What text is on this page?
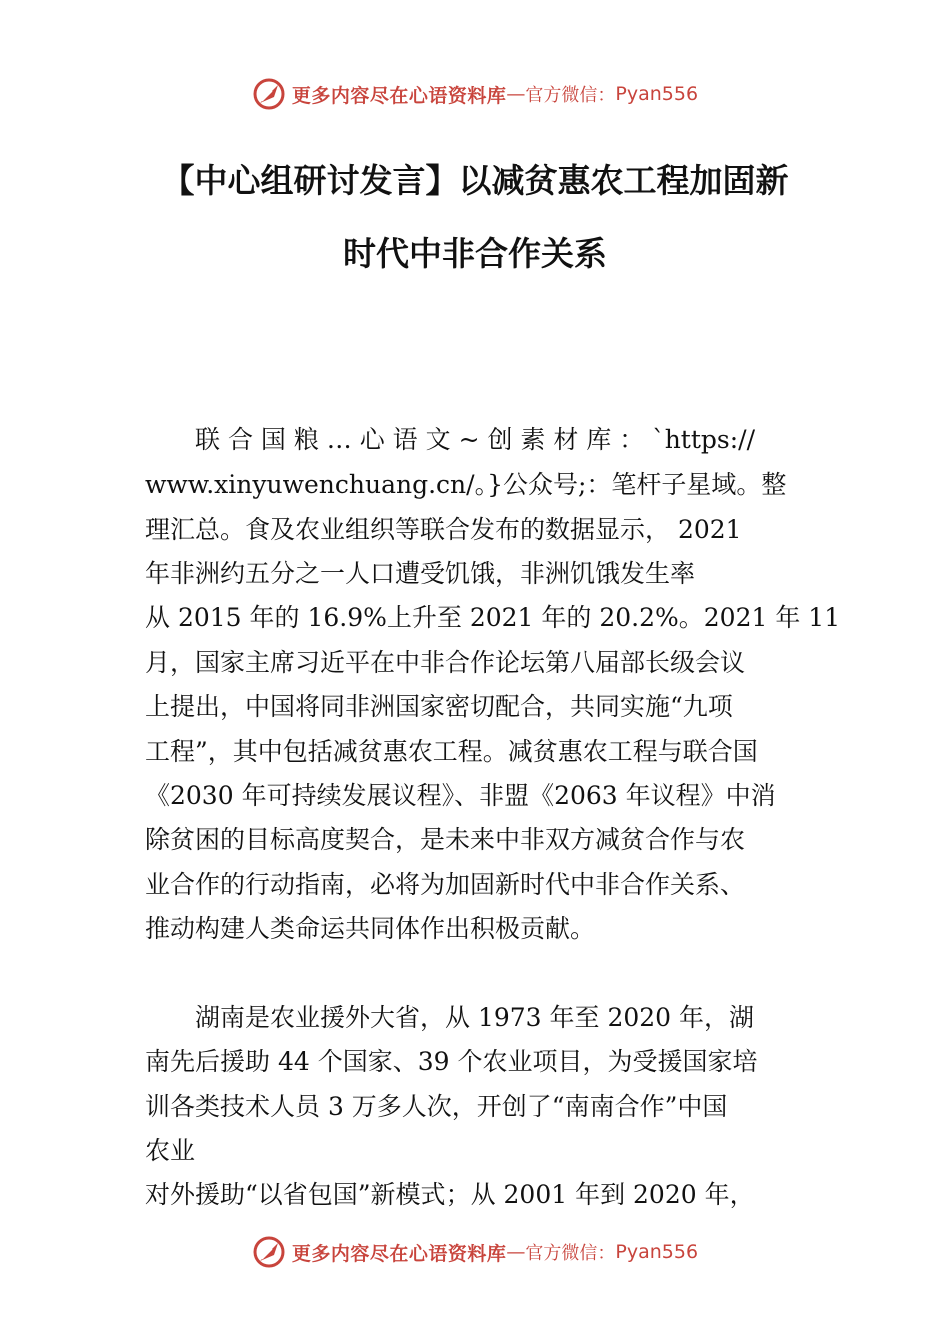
更多内容尽在心语资料库 — 官方微信： Pyan556
【中心组研讨发言】以减贫惠农工程加固新
时代中非合作关系
　　联 合 国 粮 … 心 语 文 ~ 创 素 材 库 ： `https://
www.xinyuwenchuang.cn/。}公众号;：笔杆子星域。整
理汇总。食及农业组织等联合发布的数据显示， 2021
年非洲约五分之一人口遭受饥饿，非洲饥饿发生率
从 2015 年的 16.9%上升至 2021 年的 20.2%。2021 年 11
月，国家主席习近平在中非合作论坛第八届部长级会议
上提出，中国将同非洲国家密切配合，共同实施“九项
工程”，其中包括减贫惠农工程。减贫惠农工程与联合国
《2030 年可持续发展议程》、非盟《2063 年议程》中消
除贫困的目标高度契合，是未来中非双方减贫合作与农
业合作的行动指南，必将为加固新时代中非合作关系、
推动构建人类命运共同体作出积极贡献。
　　湖南是农业援外大省，从 1973 年至 2020 年，湖
南先后援助 44 个国家、39 个农业项目，为受援国家培
训各类技术人员 3 万多人次，开创了“南南合作”中国
农业
对外援助“以省包国”新模式；从 2001 年到 2020 年，
更多内容尽在心语资料库 — 官方微信： Pyan556
